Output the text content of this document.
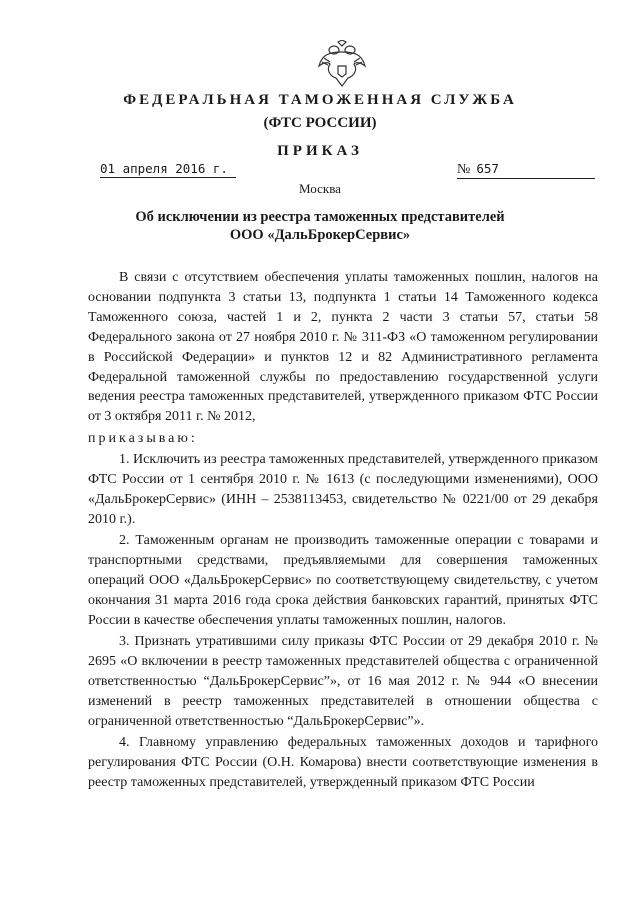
ФЕДЕРАЛЬНАЯ ТАМОЖЕННАЯ СЛУЖБА
(ФТС РОССИИ)
ПРИКАЗ
01 апреля 2016 г.	№ 657
Москва
Об исключении из реестра таможенных представителей
ООО «ДальБрокерСервис»

В связи с отсутствием обеспечения уплаты таможенных пошлин, налогов на основании подпункта 3 статьи 13, подпункта 1 статьи 14 Таможенного кодекса Таможенного союза, частей 1 и 2, пункта 2 части 3 статьи 57, статьи 58 Федерального закона от 27 ноября 2010 г. № 311-ФЗ «О таможенном регулировании в Российской Федерации» и пунктов 12 и 82 Административного регламента Федеральной таможенной службы по предоставлению государственной услуги ведения реестра таможенных представителей, утвержденного приказом ФТС России от 3 октября 2011 г. № 2012,

приказываю:

1. Исключить из реестра таможенных представителей, утвержденного приказом ФТС России от 1 сентября 2010 г. № 1613 (с последующими изменениями), ООО «ДальБрокерСервис» (ИНН – 2538113453, свидетельство № 0221/00 от 29 декабря 2010 г.).

2. Таможенным органам не производить таможенные операции с товарами и транспортными средствами, предъявляемыми для совершения таможенных операций ООО «ДальБрокерСервис» по соответствующему свидетельству, с учетом окончания 31 марта 2016 года срока действия банковских гарантий, принятых ФТС России в качестве обеспечения уплаты таможенных пошлин, налогов.

3. Признать утратившими силу приказы ФТС России от 29 декабря 2010 г. № 2695 «О включении в реестр таможенных представителей общества с ограниченной ответственностью “ДальБрокерСервис”», от 16 мая 2012 г. № 944 «О внесении изменений в реестр таможенных представителей в отношении общества с ограниченной ответственностью “ДальБрокерСервис”».

4. Главному управлению федеральных таможенных доходов и тарифного регулирования ФТС России (О.Н. Комарова) внести соответствующие изменения в реестр таможенных представителей, утвержденный приказом ФТС России
